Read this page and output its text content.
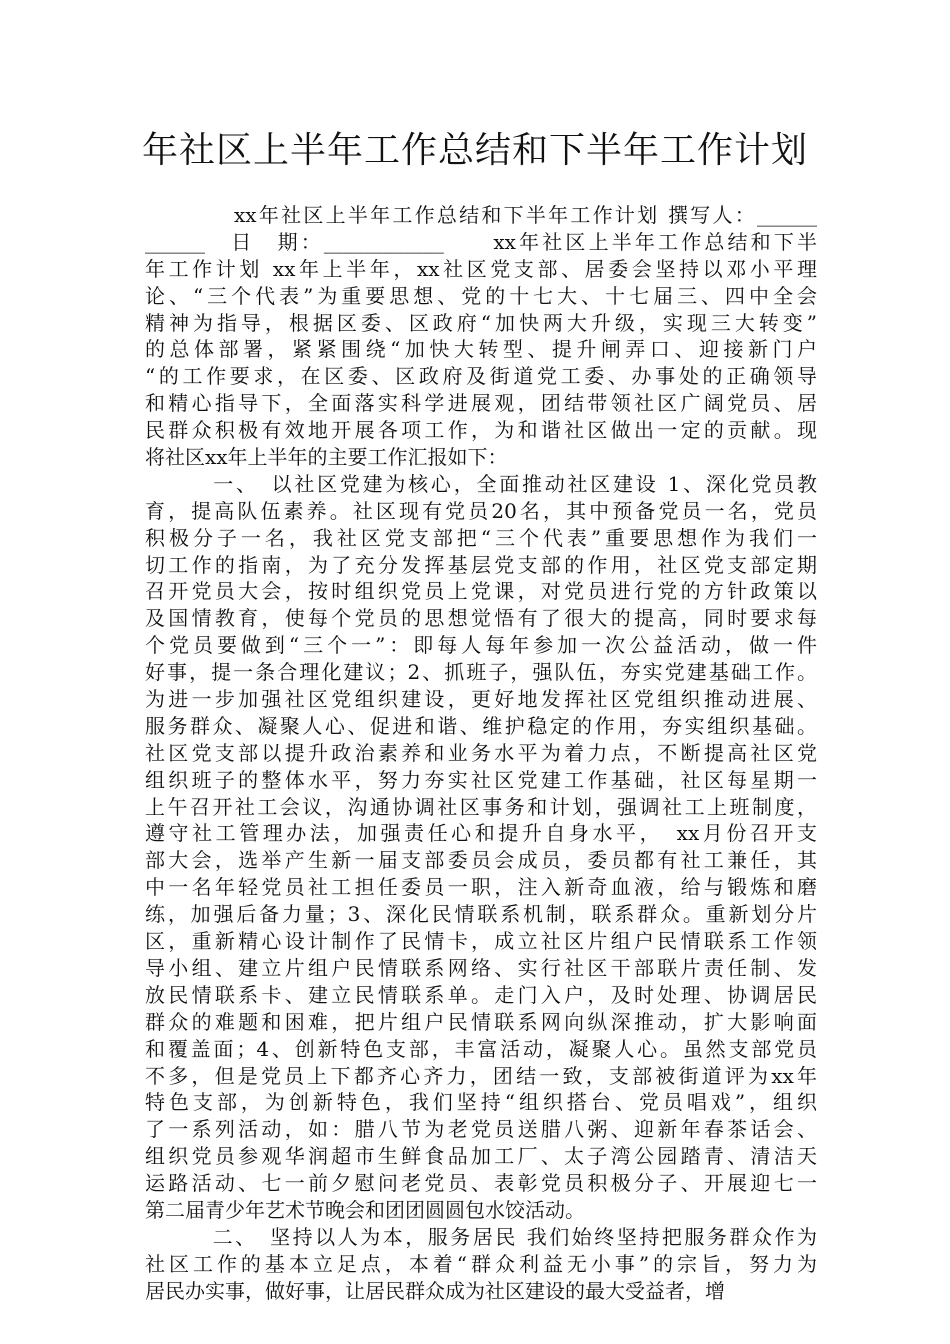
年社区上半年工作总结和下半年工作计划
　　　　xx年社区上半年工作总结和下半年工作计划 撰写人：______
______　日　期：____________　　xx年社区上半年工作总结和下半
年工作计划 xx年上半年，xx社区党支部、居委会坚持以邓小平理
论、“三个代表”为重要思想、党的十七大、十七届三、四中全会
精神为指导，根据区委、区政府“加快两大升级，实现三大转变”
的总体部署，紧紧围绕“加快大转型、提升闸弄口、迎接新门户
“的工作要求，在区委、区政府及街道党工委、办事处的正确领导
和精心指导下，全面落实科学进展观，团结带领社区广阔党员、居
民群众积极有效地开展各项工作，为和谐社区做出一定的贡献。现
将社区xx年上半年的主要工作汇报如下：
　　　一、　以社区党建为核心，全面推动社区建设 1、深化党员教
育，提高队伍素养。社区现有党员20名，其中预备党员一名，党员
积极分子一名，我社区党支部把“三个代表”重要思想作为我们一
切工作的指南，为了充分发挥基层党支部的作用，社区党支部定期
召开党员大会，按时组织党员上党课，对党员进行党的方针政策以
及国情教育，使每个党员的思想觉悟有了很大的提高，同时要求每
个党员要做到“三个一”：即每人每年参加一次公益活动，做一件
好事，提一条合理化建议；2、抓班子，强队伍，夯实党建基础工作。
为进一步加强社区党组织建设，更好地发挥社区党组织推动进展、
服务群众、凝聚人心、促进和谐、维护稳定的作用，夯实组织基础。
社区党支部以提升政治素养和业务水平为着力点，不断提高社区党
组织班子的整体水平，努力夯实社区党建工作基础，社区每星期一
上午召开社工会议，沟通协调社区事务和计划，强调社工上班制度，
遵守社工管理办法，加强责任心和提升自身水平，　xx月份召开支
部大会，选举产生新一届支部委员会成员，委员都有社工兼任，其
中一名年轻党员社工担任委员一职，注入新奇血液，给与锻炼和磨
练，加强后备力量；3、深化民情联系机制，联系群众。重新划分片
区，重新精心设计制作了民情卡，成立社区片组户民情联系工作领
导小组、建立片组户民情联系网络、实行社区干部联片责任制、发
放民情联系卡、建立民情联系单。走门入户，及时处理、协调居民
群众的难题和困难，把片组户民情联系网向纵深推动，扩大影响面
和覆盖面；4、创新特色支部，丰富活动，凝聚人心。虽然支部党员
不多，但是党员上下都齐心齐力，团结一致，支部被街道评为xx年
特色支部，为创新特色，我们坚持“组织搭台、党员唱戏”，组织
了一系列活动，如：腊八节为老党员送腊八粥、迎新年春茶话会、
组织党员参观华润超市生鲜食品加工厂、太子湾公园踏青、清洁天
运路活动、七一前夕慰问老党员、表彰党员积极分子、开展迎七一
第二届青少年艺术节晚会和团团圆圆包水饺活动。
　　　二、　坚持以人为本，服务居民 我们始终坚持把服务群众作为
社区工作的基本立足点，本着“群众利益无小事”的宗旨，努力为
居民办实事，做好事，让居民群众成为社区建设的最大受益者，增
